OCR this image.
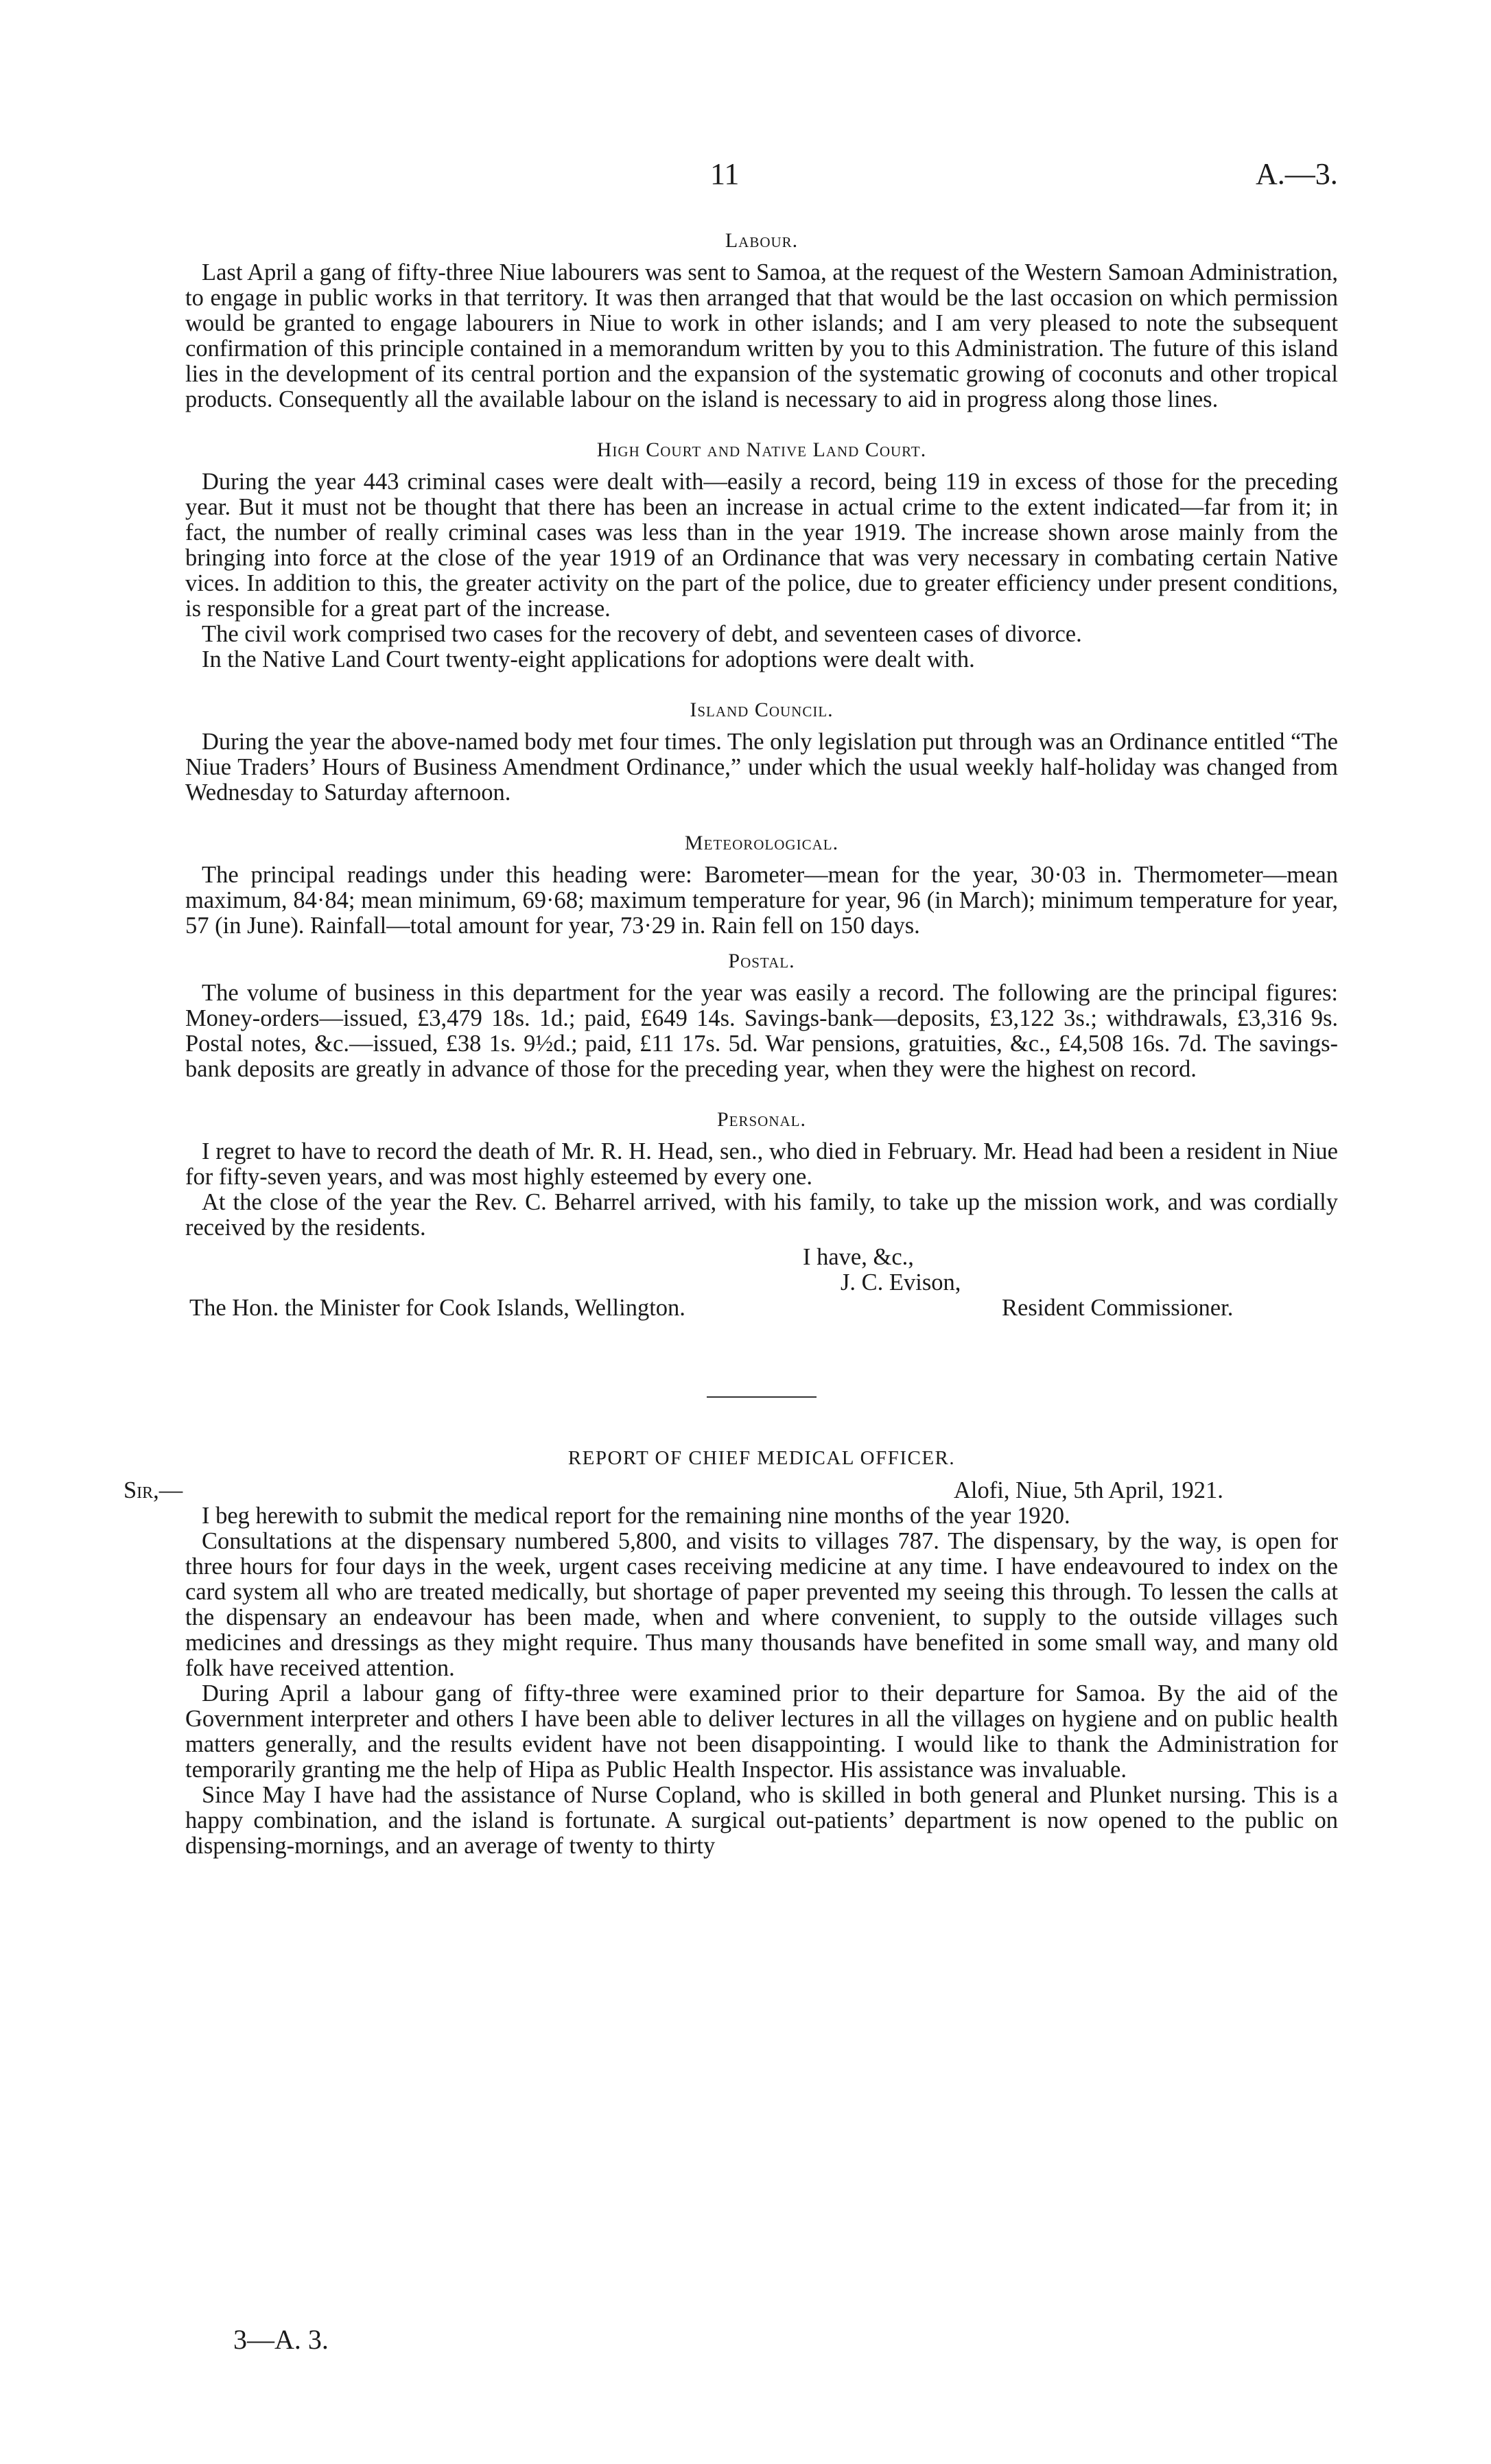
11	A.—3.
Labour.

Last April a gang of fifty-three Niue labourers was sent to Samoa, at the request of the Western Samoan Administration, to engage in public works in that territory. It was then arranged that that would be the last occasion on which permission would be granted to engage labourers in Niue to work in other islands; and I am very pleased to note the subsequent confirmation of this principle contained in a memorandum written by you to this Administration. The future of this island lies in the development of its central portion and the expansion of the systematic growing of coconuts and other tropical products. Consequently all the available labour on the island is necessary to aid in progress along those lines.

High Court and Native Land Court.

During the year 443 criminal cases were dealt with—easily a record, being 119 in excess of those for the preceding year. But it must not be thought that there has been an increase in actual crime to the extent indicated—far from it; in fact, the number of really criminal cases was less than in the year 1919. The increase shown arose mainly from the bringing into force at the close of the year 1919 of an Ordinance that was very necessary in combating certain Native vices. In addition to this, the greater activity on the part of the police, due to greater efficiency under present conditions, is responsible for a great part of the increase.

The civil work comprised two cases for the recovery of debt, and seventeen cases of divorce.

In the Native Land Court twenty-eight applications for adoptions were dealt with.

Island Council.

During the year the above-named body met four times. The only legislation put through was an Ordinance entitled “The Niue Traders’ Hours of Business Amendment Ordinance,” under which the usual weekly half-holiday was changed from Wednesday to Saturday afternoon.

Meteorological.

The principal readings under this heading were: Barometer—mean for the year, 30·03 in. Thermometer—mean maximum, 84·84; mean minimum, 69·68; maximum temperature for year, 96 (in March); minimum temperature for year, 57 (in June). Rainfall—total amount for year, 73·29 in. Rain fell on 150 days.

Postal.

The volume of business in this department for the year was easily a record. The following are the principal figures: Money-orders—issued, £3,479 18s. 1d.; paid, £649 14s. Savings-bank—deposits, £3,122 3s.; withdrawals, £3,316 9s. Postal notes, &c.—issued, £38 1s. 9½d.; paid, £11 17s. 5d. War pensions, gratuities, &c., £4,508 16s. 7d. The savings-bank deposits are greatly in advance of those for the preceding year, when they were the highest on record.

Personal.

I regret to have to record the death of Mr. R. H. Head, sen., who died in February. Mr. Head had been a resident in Niue for fifty-seven years, and was most highly esteemed by every one.

At the close of the year the Rev. C. Beharrel arrived, with his family, to take up the mission work, and was cordially received by the residents.

I have, &c.,
J. C. Evison,
The Hon. the Minister for Cook Islands, Wellington.	Resident Commissioner.
REPORT OF CHIEF MEDICAL OFFICER.
Sir,—	Alofi, Niue, 5th April, 1921.

I beg herewith to submit the medical report for the remaining nine months of the year 1920.

Consultations at the dispensary numbered 5,800, and visits to villages 787. The dispensary, by the way, is open for three hours for four days in the week, urgent cases receiving medicine at any time. I have endeavoured to index on the card system all who are treated medically, but shortage of paper prevented my seeing this through. To lessen the calls at the dispensary an endeavour has been made, when and where convenient, to supply to the outside villages such medicines and dressings as they might require. Thus many thousands have benefited in some small way, and many old folk have received attention.

During April a labour gang of fifty-three were examined prior to their departure for Samoa. By the aid of the Government interpreter and others I have been able to deliver lectures in all the villages on hygiene and on public health matters generally, and the results evident have not been disappointing. I would like to thank the Administration for temporarily granting me the help of Hipa as Public Health Inspector. His assistance was invaluable.

Since May I have had the assistance of Nurse Copland, who is skilled in both general and Plunket nursing. This is a happy combination, and the island is fortunate. A surgical out-patients’ department is now opened to the public on dispensing-mornings, and an average of twenty to thirty

3—A. 3.
